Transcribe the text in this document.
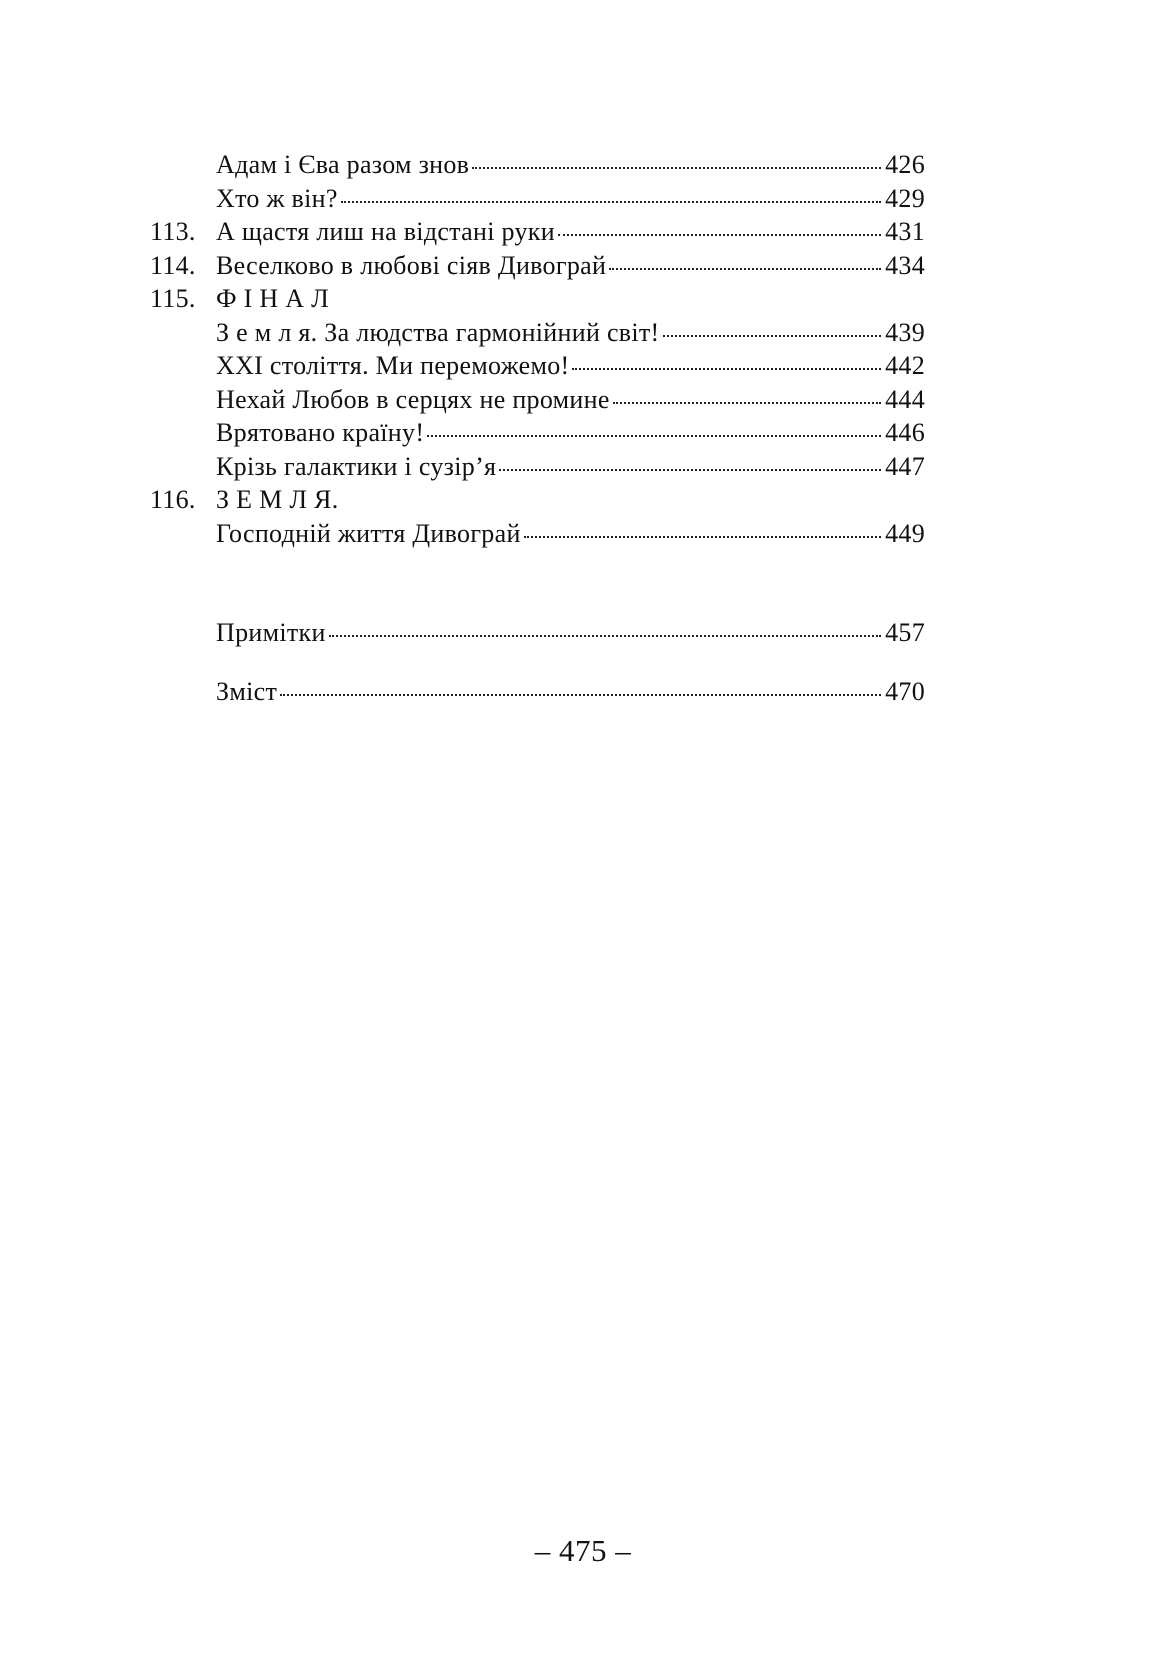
Адам і Єва разом знов	426
Хто ж він?	429
113. А щастя лиш на відстані руки	431
114. Веселково в любові сіяв Дивограй	434
115. Ф І Н А Л
З е м л я. За людства гармонійний світ!	439
XXI століття. Ми переможемо!	442
Нехай Любов в серцях не промине	444
Врятовано країну!	446
Крізь галактики і сузір’я	447
116. З Е М Л Я.
Господній життя Дивограй	449
Примітки	457
Зміст	470
– 475 –
